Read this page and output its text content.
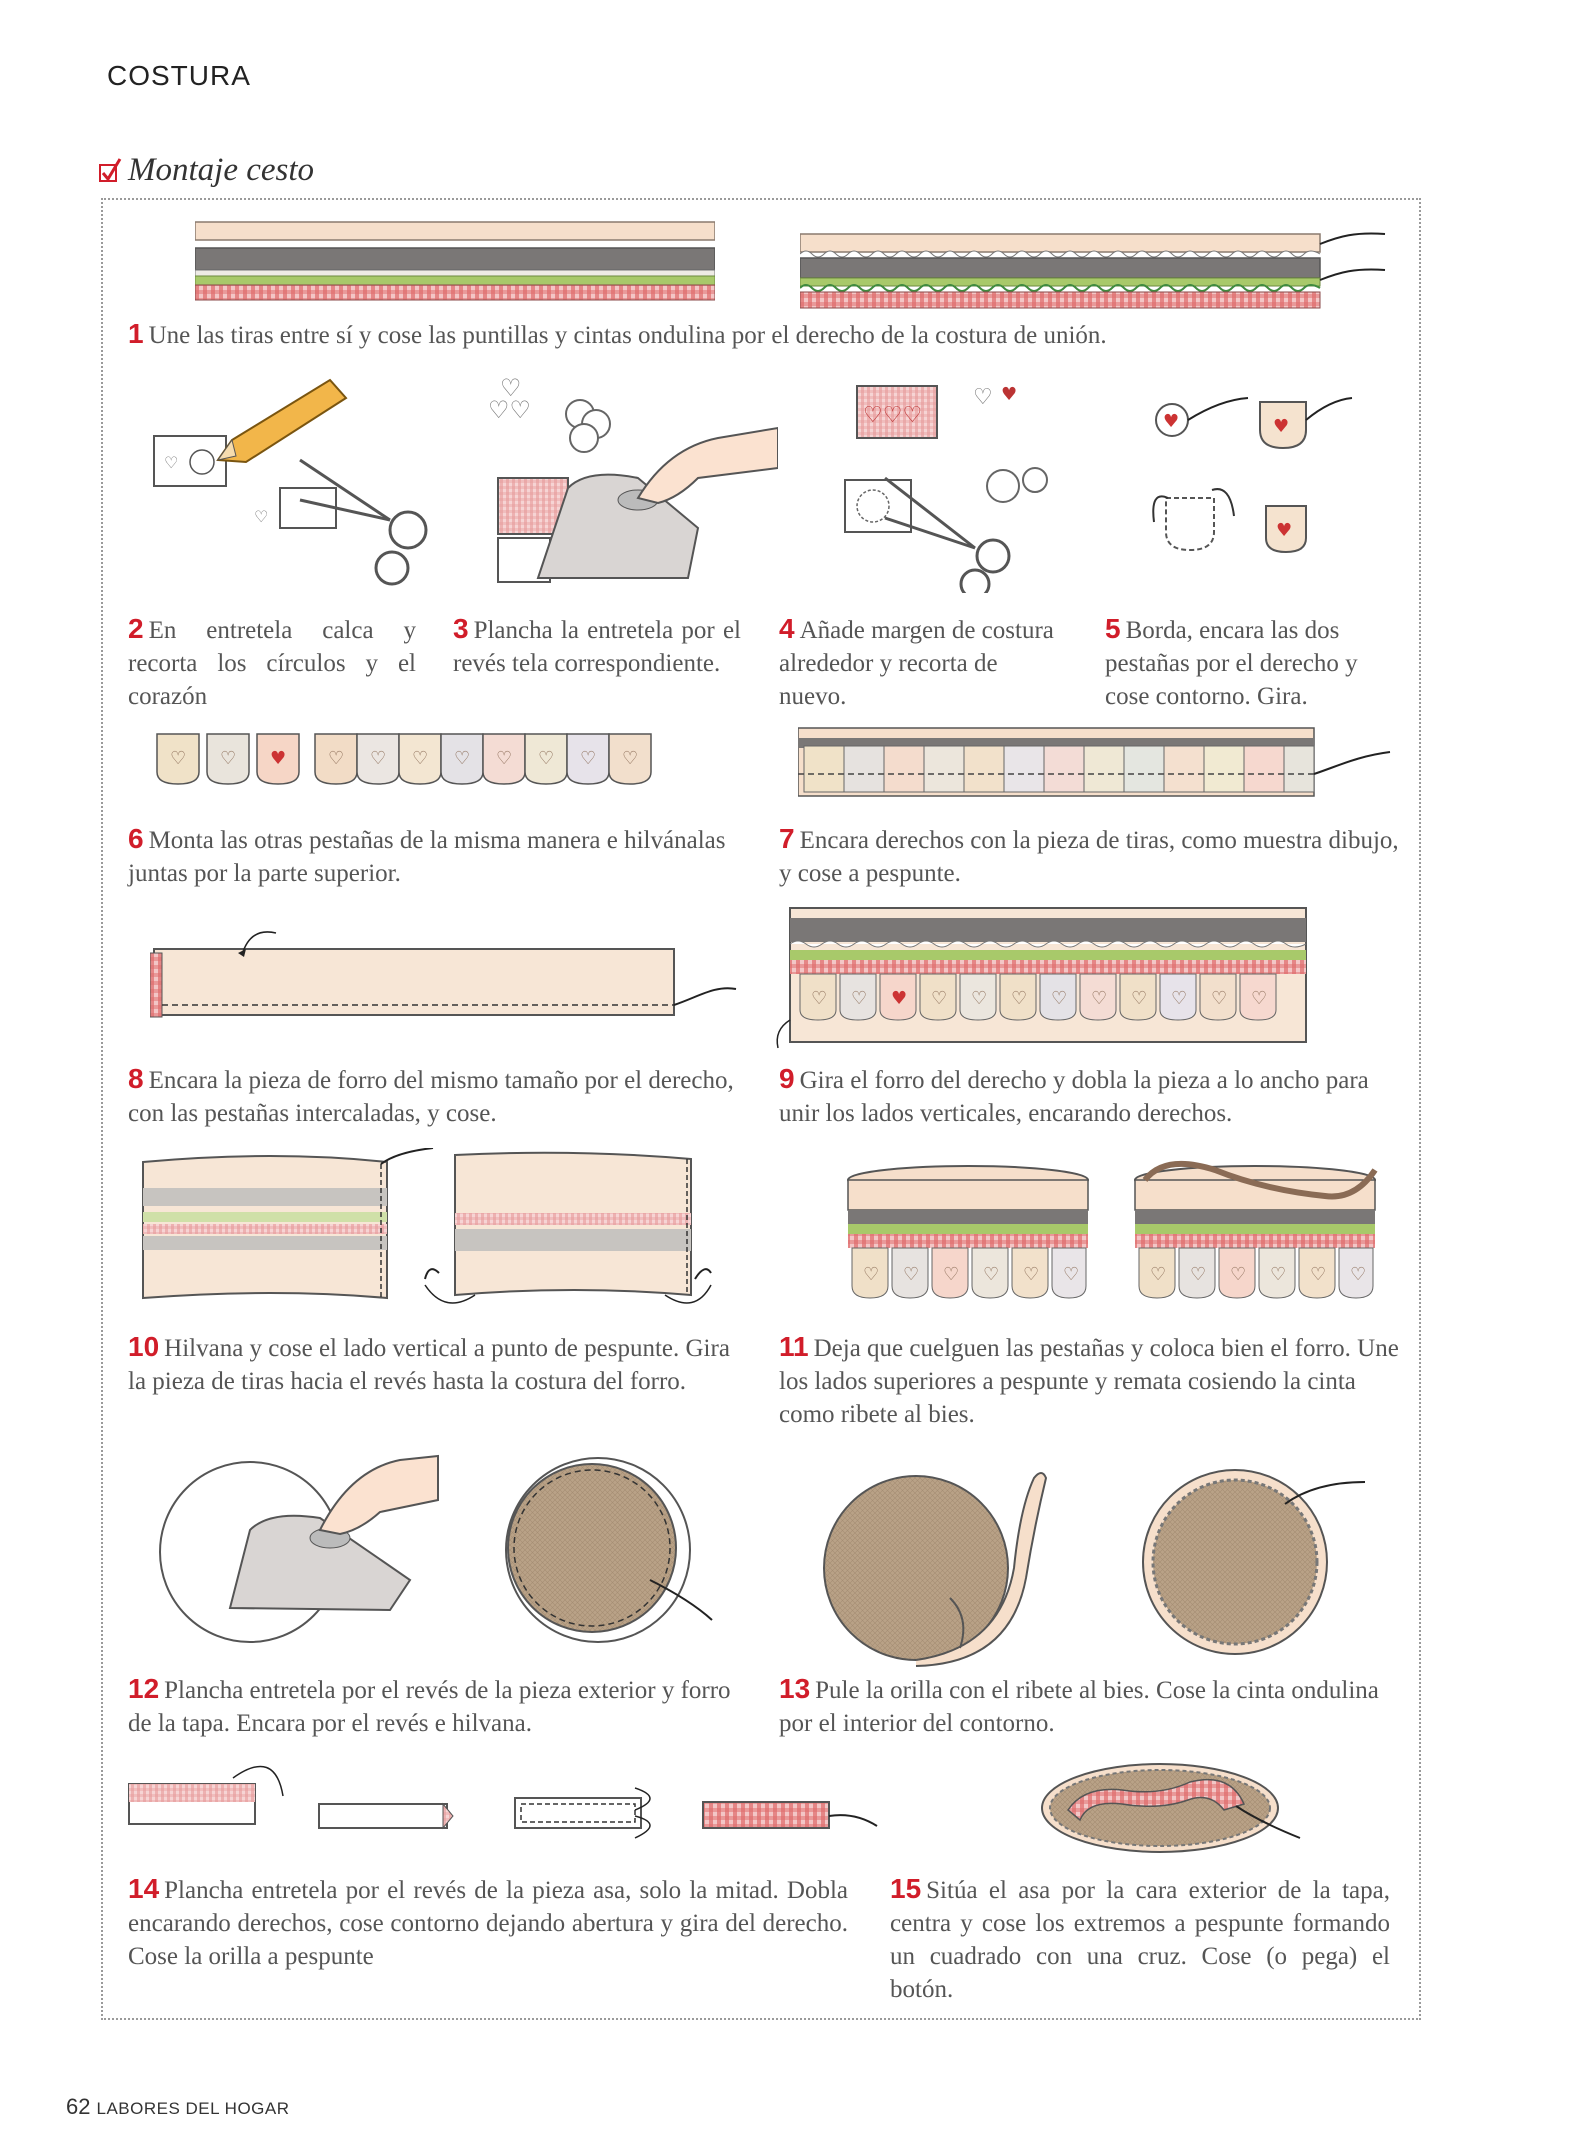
COSTURA
Montaje cesto
1 Une las tiras entre sí y cose las puntillas y cintas ondulina por el derecho de la costura de unión.
♡
♡
♡♡
♡
♡♡♡
♡ ♥
♥	♥
♥
2 En entretela calca y recorta los círculos y el corazón
3 Plancha la entretela por el revés tela correspondiente.
4 Añade margen de costura alrededor y recorta de nuevo.
5 Borda, encara las dos pestañas por el derecho y cose contorno. Gira.
♡ ♡ ♥ ♡ ♡ ♡ ♡ ♡ ♡ ♡ ♡
6 Monta las otras pestañas de la misma manera e hilvánalas juntas por la parte superior.
7 Encara derechos con la pieza de tiras, como muestra dibujo, y cose a pespunte.
♡ ♡ ♥ ♡ ♡ ♡ ♡ ♡ ♡ ♡ ♡ ♡
8 Encara la pieza de forro del mismo tamaño por el derecho, con las pestañas intercaladas, y cose.
9 Gira el forro del derecho y dobla la pieza a lo ancho para unir los lados verticales, encarando derechos.
♡ ♡ ♡ ♡ ♡ ♡	♡ ♡ ♡ ♡ ♡ ♡
10 Hilvana y cose el lado vertical a punto de pespunte. Gira la pieza de tiras hacia el revés hasta la costura del forro.
11 Deja que cuelguen las pestañas y coloca bien el forro. Une los lados superiores a pespunte y remata cosiendo la cinta como ribete al bies.
12 Plancha entretela por el revés de la pieza exterior y forro de la tapa. Encara por el revés e hilvana.
13 Pule la orilla con el ribete al bies. Cose la cinta ondulina por el interior del contorno.
14 Plancha entretela por el revés de la pieza asa, solo la mitad. Dobla encarando derechos, cose contorno dejando abertura y gira del derecho. Cose la orilla a pespunte
15 Sitúa el asa por la cara exterior de la tapa, centra y cose los extremos a pespunte formando un cuadrado con una cruz. Cose (o pega) el botón.
62 LABORES DEL HOGAR
